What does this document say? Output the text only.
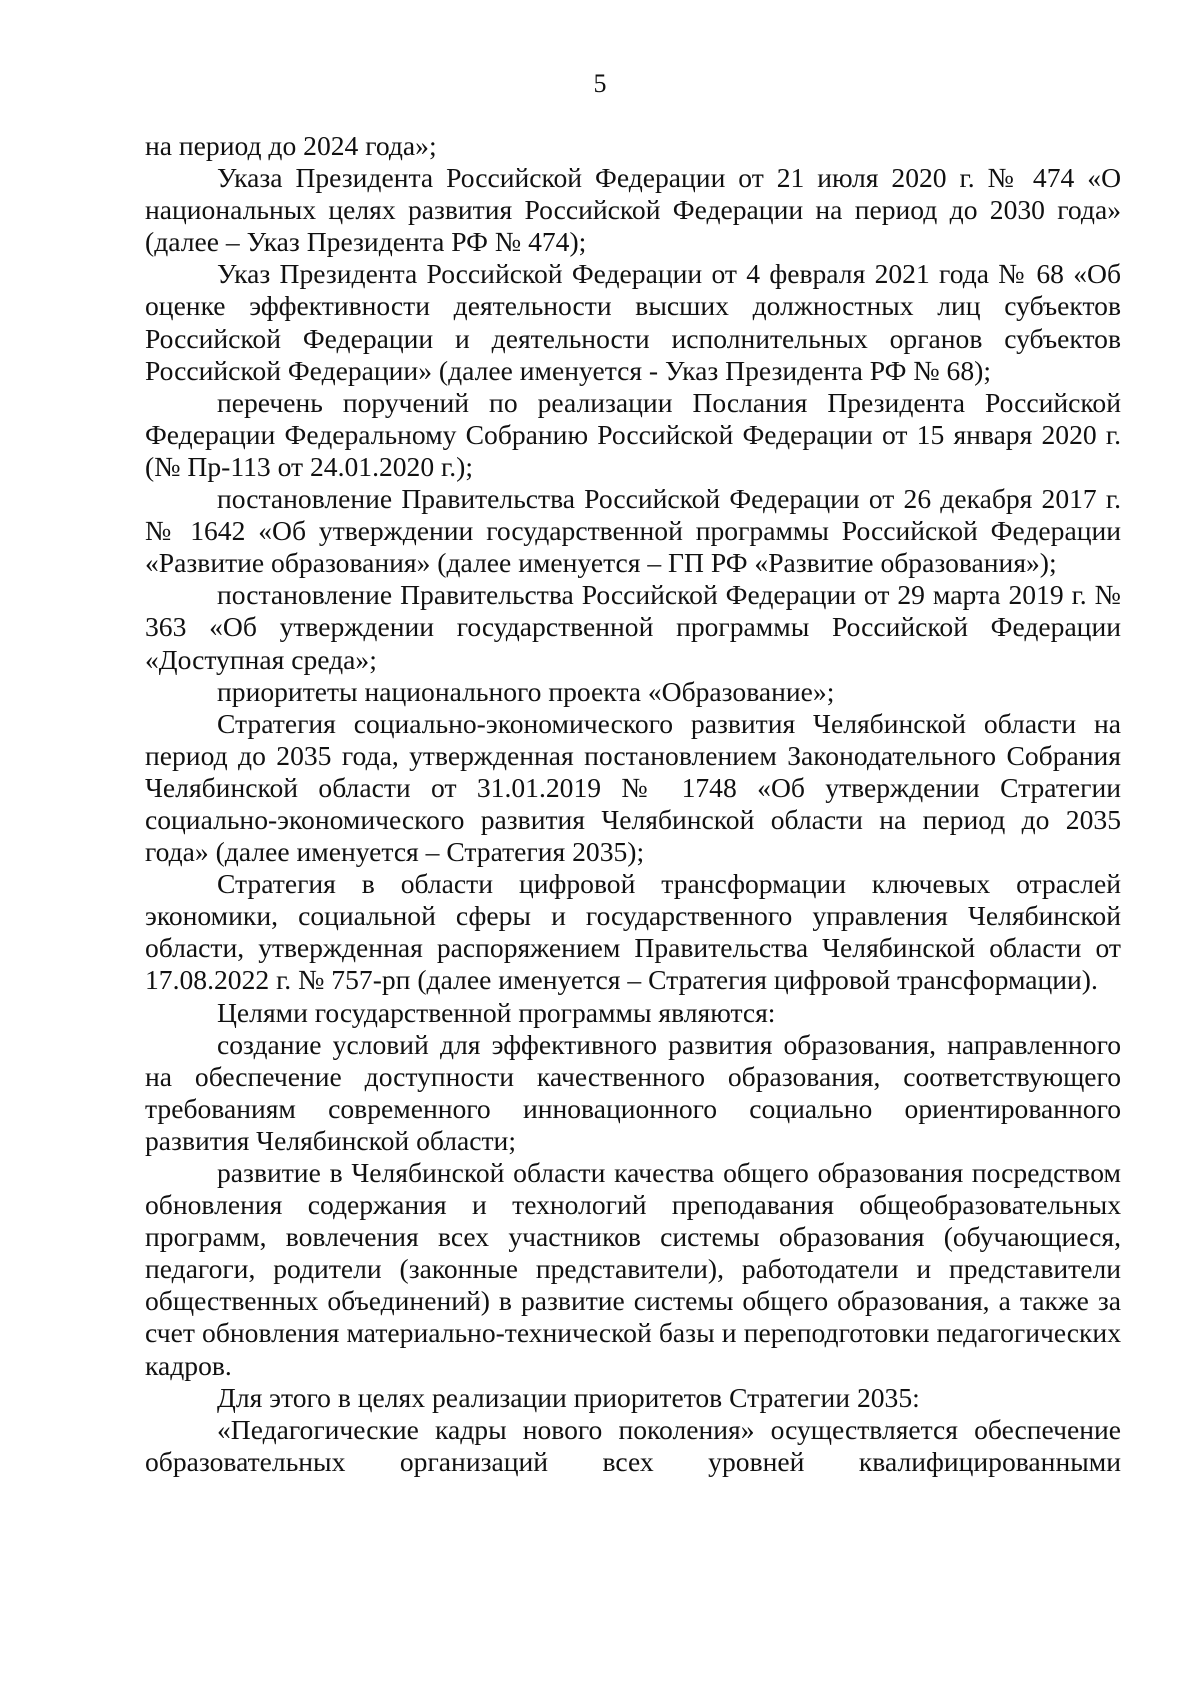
5

на период до 2024 года»;

Указа Президента Российской Федерации от 21 июля 2020 г. № 474 «О национальных целях развития Российской Федерации на период до 2030 года» (далее – Указ Президента РФ № 474);

Указ Президента Российской Федерации от 4 февраля 2021 года № 68 «Об оценке эффективности деятельности высших должностных лиц субъектов Российской Федерации и деятельности исполнительных органов субъектов Российской Федерации» (далее именуется - Указ Президента РФ № 68);

перечень поручений по реализации Послания Президента Российской Федерации Федеральному Собранию Российской Федерации от 15 января 2020 г. (№ Пр-113 от 24.01.2020 г.);

постановление Правительства Российской Федерации от 26 декабря 2017 г. № 1642 «Об утверждении государственной программы Российской Федерации «Развитие образования» (далее именуется – ГП РФ «Развитие образования»);

постановление Правительства Российской Федерации от 29 марта 2019 г. № 363 «Об утверждении государственной программы Российской Федерации «Доступная среда»;

приоритеты национального проекта «Образование»;

Стратегия социально-экономического развития Челябинской области на период до 2035 года, утвержденная постановлением Законодательного Собрания Челябинской области от 31.01.2019 № 1748 «Об утверждении Стратегии социально-экономического развития Челябинской области на период до 2035 года» (далее именуется – Стратегия 2035);

Стратегия в области цифровой трансформации ключевых отраслей экономики, социальной сферы и государственного управления Челябинской области, утвержденная распоряжением Правительства Челябинской области от 17.08.2022 г. № 757-рп (далее именуется – Стратегия цифровой трансформации).

Целями государственной программы являются:

создание условий для эффективного развития образования, направленного на обеспечение доступности качественного образования, соответствующего требованиям современного инновационного социально ориентированного развития Челябинской области;

развитие в Челябинской области качества общего образования посредством обновления содержания и технологий преподавания общеобразовательных программ, вовлечения всех участников системы образования (обучающиеся, педагоги, родители (законные представители), работодатели и представители общественных объединений) в развитие системы общего образования, а также за счет обновления материально-технической базы и переподготовки педагогических кадров.

Для этого в целях реализации приоритетов Стратегии 2035:

«Педагогические кадры нового поколения» осуществляется обеспечение образовательных организаций всех уровней квалифицированными
